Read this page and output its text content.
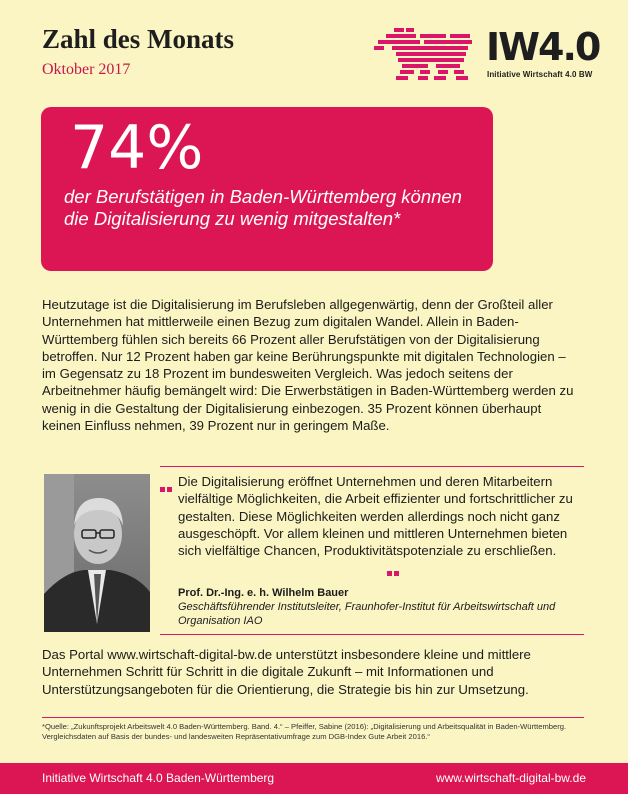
Zahl des Monats
Oktober 2017
IW4.0
Initiative Wirtschaft 4.0 BW
74%
der Berufstätigen in Baden-Württemberg können die Digitalisierung zu wenig mitgestalten*

Heutzutage ist die Digitalisierung im Berufsleben allgegenwärtig, denn der Großteil aller Unternehmen hat mittlerweile einen Bezug zum digitalen Wandel. Allein in Baden-Württemberg fühlen sich bereits 66 Prozent aller Berufstätigen von der Digitalisierung betroffen. Nur 12 Prozent haben gar keine Berührungspunkte mit digitalen Technologien – im Gegensatz zu 18 Prozent im bundesweiten Vergleich. Was jedoch seitens der Arbeitnehmer häufig bemängelt wird: Die Erwerbstätigen in Baden-Württemberg werden zu wenig in die Gestaltung der Digitalisierung einbezogen. 35 Prozent können überhaupt keinen Einfluss nehmen, 39 Prozent nur in geringem Maße.

Die Digitalisierung eröffnet Unternehmen und deren Mitarbeitern vielfältige Möglichkeiten, die Arbeit effizienter und fortschrittlicher zu gestalten. Diese Möglichkeiten werden allerdings noch nicht ganz ausgeschöpft. Vor allem kleinen und mittleren Unternehmen bieten sich vielfältige Chancen, Produktivitätspotenziale zu erschließen.
Prof. Dr.-Ing. e. h. Wilhelm Bauer
Geschäftsführender Institutsleiter, Fraunhofer-Institut für Arbeitswirtschaft und Organisation IAO
Das Portal www.wirtschaft-digital-bw.de unterstützt insbesondere kleine und mittlere Unternehmen Schritt für Schritt in die digitale Zukunft – mit Informationen und Unterstützungsangeboten für die Orientierung, die Strategie bis hin zur Umsetzung.
*Quelle: „Zukunftsprojekt Arbeitswelt 4.0 Baden-Württemberg. Band. 4.“ – Pfeiffer, Sabine (2016): „Digitalisierung und Arbeitsqualität in Baden-Württemberg. Vergleichsdaten auf Basis der bundes- und landesweiten Repräsentativumfrage zum DGB-Index Gute Arbeit 2016.“
Initiative Wirtschaft 4.0 Baden-Württemberg	www.wirtschaft-digital-bw.de
